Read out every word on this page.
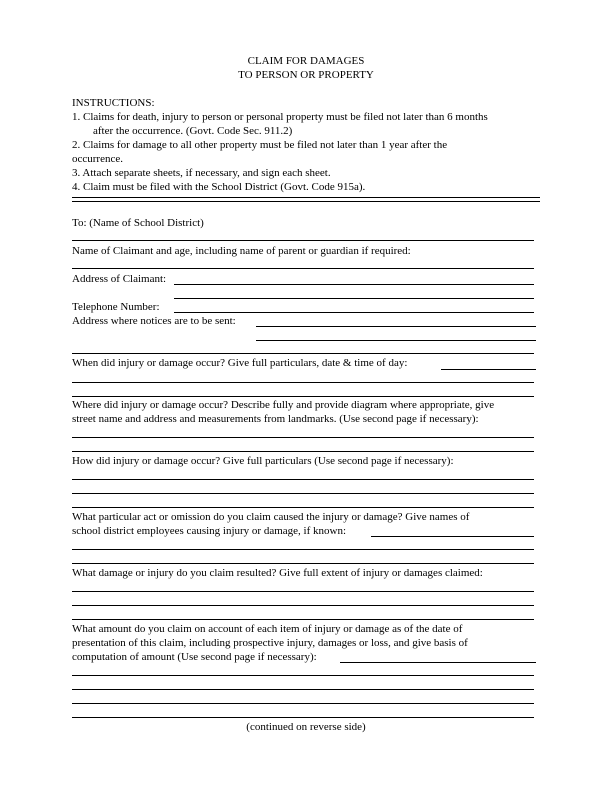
CLAIM FOR DAMAGES
TO PERSON OR PROPERTY
INSTRUCTIONS:
1. Claims for death, injury to person or personal property must be filed not later than 6 months
after the occurrence. (Govt. Code Sec. 911.2)
2. Claims for damage to all other property must be filed not later than 1 year after the
occurrence.
3. Attach separate sheets, if necessary, and sign each sheet.
4. Claim must be filed with the School District (Govt. Code 915a).
To: (Name of School District)
Name of Claimant and age, including name of parent or guardian if required:
Address of Claimant:
Telephone Number:
Address where notices are to be sent:
When did injury or damage occur? Give full particulars, date & time of day:
Where did injury or damage occur? Describe fully and provide diagram where appropriate, give
street name and address and measurements from landmarks. (Use second page if necessary):
How did injury or damage occur? Give full particulars (Use second page if necessary):
What particular act or omission do you claim caused the injury or damage? Give names of
school district employees causing injury or damage, if known:
What damage or injury do you claim resulted? Give full extent of injury or damages claimed:
What amount do you claim on account of each item of injury or damage as of the date of
presentation of this claim, including prospective injury, damages or loss, and give basis of
computation of amount (Use second page if necessary):
(continued on reverse side)
